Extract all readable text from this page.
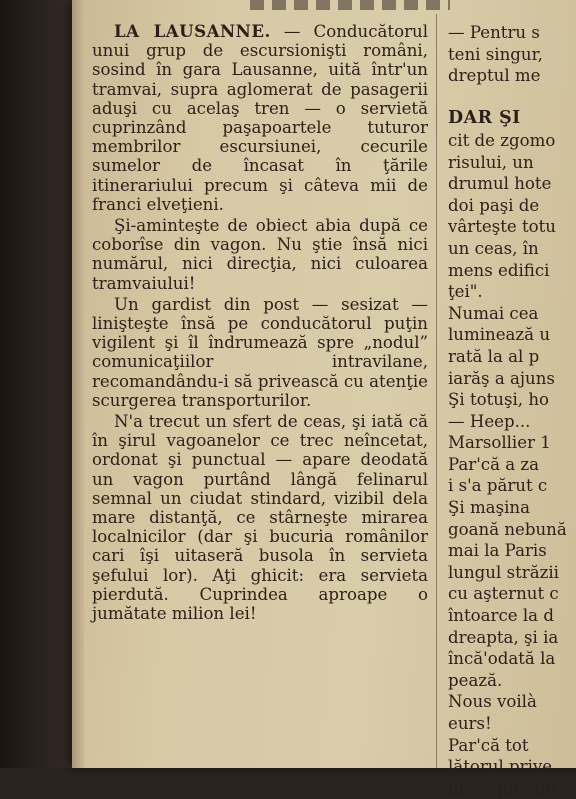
LA LAUSANNE. — Conducătorul unui grup de escursionişti români, sosind în gara Lausanne, uită într'un tramvai, supra aglomerat de pasagerii aduşi cu acelaş tren — o servietă cuprinzând paşapoartele tuturor membrilor escursiunei, cecurile sumelor de încasat în ţările itinerariului precum şi câteva mii de franci elveţieni.

Şi-aminteşte de obiect abia după ce coborîse din vagon. Nu ştie însă nici numărul, nici direcţia, nici culoarea tramvaiului!

Un gardist din post — sesizat — linişteşte însă pe conducătorul puţin vigilent şi îl îndrumează spre „nodul” comunicaţiilor intravilane, recomandându-i să privească cu atenţie scurgerea transporturilor.

N'a trecut un sfert de ceas, şi iată că în şirul vagoanelor ce trec neîncetat, ordonat şi punctual — apare deodată un vagon purtând lângă felinarul semnal un ciudat stindard, vizibil dela mare distanţă, ce stârneşte mirarea localnicilor (dar şi bucuria românilor cari îşi uitaseră busola în servieta şefului lor). Aţi ghicit: era servieta pierdută. Cuprindea aproape o jumătate milion lei!

— Pentru s
teni singur,
dreptul me
DAR ŞI
cit de zgomo
risului, un
drumul hote
doi paşi de
vârteşte totu
un ceas, în
mens edifici
ţei".
Numai cea
luminează u
rată la al p
iarăş a ajuns
Şi totuşi, ho
— Heep...
Marsollier 1
Par'că a za
i s'a părut c
Şi maşina
goană nebună
mai la Paris
lungul străzii
cu aşternut c
întoarce la d
dreapta, şi ia
încă'odată la
pează.
Nous voilà
eurs!
Par'că tot
lătorul prive
împrejur, apr
